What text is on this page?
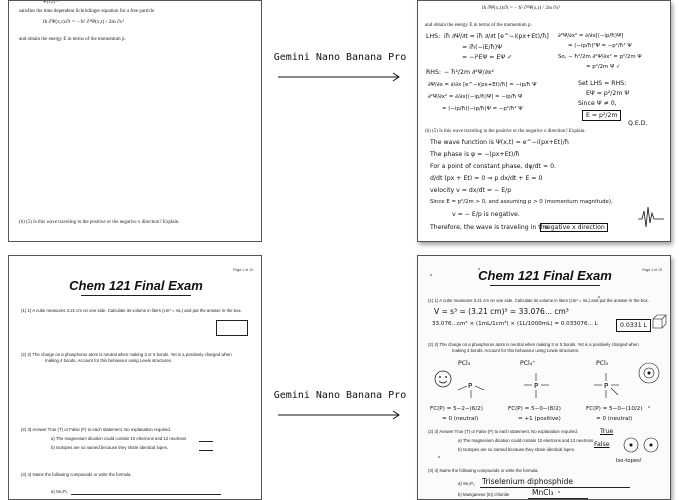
Ψ(x,t) =
satisfies the time dependent Schrödinger equation for a free particle
iħ ∂Ψ(x,t)/∂t = − ħ² ∂²Ψ(x,t) / 2m ∂x²
and obtain the energy E in terms of the momentum p.
(b) (5) Is this wave traveling in the positive or the negative x direction? Explain.
Gemini Nano Banana Pro
iħ ∂Ψ(x,t)/∂t = − ħ² ∂²Ψ(x,t) / 2m ∂x²
and obtain the energy E in terms of the momentum p.
LHS: iħ ∂Ψ/∂t = iħ ∂/∂t [e^−i(px+Et)/ħ]
= iħ(−iE/ħ)Ψ
= −i²EΨ = EΨ ✓
RHS: − ħ²/2m ∂²Ψ/∂x²
∂Ψ/∂x = ∂/∂x [e^−i(px+Et)/ħ] = −ip/ħ Ψ
∂²Ψ/∂x² = ∂/∂x[(−ip/ħ)Ψ] = −ip/ħ Ψ
= (−ip/ħ)(−ip/ħ)Ψ = −p²/ħ² Ψ
∂²Ψ/∂x² = ∂/∂x[(−ip/ħ)Ψ]
= (−ip/ħ)²Ψ = −p²/ħ² Ψ
So, − ħ²/2m ∂²Ψ/∂x² = p²/2m Ψ
= p²/2m Ψ ✓
Set LHS = RHS:
EΨ = p²/2m Ψ
Since Ψ ≠ 0,
E = p²/2m
Q.E.D.
(b) (5) Is this wave traveling in the positive or the negative x direction? Explain.
The wave function is Ψ(x,t) = e^−i(px+Et)/ħ
The phase is φ = −(px+Et)/ħ
For a point of constant phase, dφ/dt = 0.
d/dt (px + Et) = 0 ⇒ p dx/dt + E = 0
velocity v = dx/dt = − E/p
Since E = p²/2m > 0, and assuming p > 0 (momentum magnitude),
v = − E/p is negative.
Therefore, the wave is traveling in the
negative x direction
Page 1 of 13
Chem 121 Final Exam
(1) 1) A cube measures 3.21 cm on one side. Calculate its volume in liters (cm³ = mL) and put the answer in the box.
(2) 2) The charge on a phosphorus atom is neutral when making 3 or 5 bonds. Yet is a positively charged when
making 4 bonds. Account for this behaviour using Lewis structures.
(2) 3) Answer True (T) or False (F) to each statement. No explanation required.
a) The magnesium dication could contain 10 electrons and 12 neutrons
b) Isotopes are so named because they share identical lopes.
(3) 4) Name the following compounds or write the formula.
a) Se₂P₃
Gemini Nano Banana Pro
Page 1 of 13
Chem 121 Final Exam
(1) 1) A cube measures 3.21 cm on one side. Calculate its volume in liters (cm³ = mL) and put the answer in the box.
V = s³ = (3.21 cm)³ = 33.076... cm³
33.076...cm³ × (1mL/1cm³) × (1L/1000mL) = 0.033076... L	0.0331 L
(2) 2) The charge on a phosphorus atom is neutral when making 3 or 5 bonds. Yet is a positively charged when
making 4 bonds. Account for this behaviour using Lewis structures.
PCl₃	PCl₄⁺	PCl₅
P	P	P
FC(P) = 5−2−(6/2)
= 0 (neutral)
FC(P) = 5−0−(8/2)
= +1 (positive)
FC(P) = 5−0−(10/2)
= 0 (neutral)
(2) 3) Answer True (T) or False (F) to each statement. No explanation required.
a) The magnesium dication could contain 10 electrons and 12 neutrons
b) Isotopes are so named because they share identical lopes.
True
False
Iso-topes!
(3) 4) Name the following compounds or write the formula.
a) Se₂P₃ Triselenium diphosphide
b) Manganese (III) chloride	MnCl₃
